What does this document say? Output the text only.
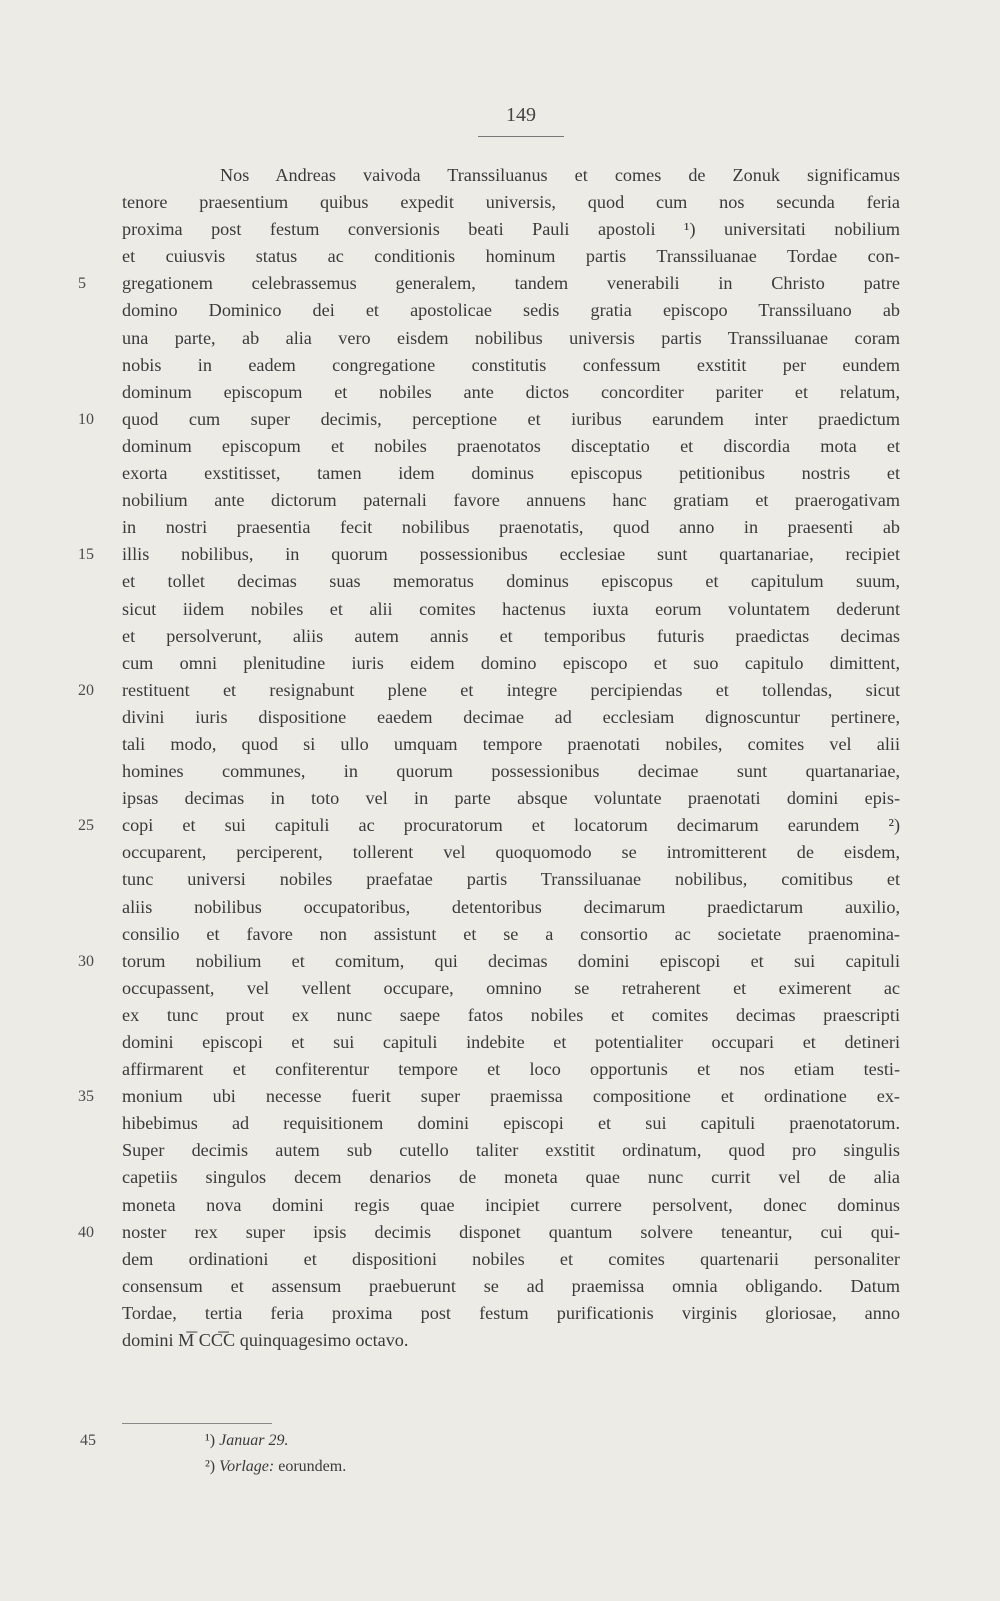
149
Nos Andreas vaivoda Transsiluanus et comes de Zonuk significamus
tenore praesentium quibus expedit universis, quod cum nos secunda feria
proxima post festum conversionis beati Pauli apostoli ¹) universitati nobilium
et cuiusvis status ac conditionis hominum partis Transsiluanae Tordae con-
5	gregationem celebrassemus generalem, tandem venerabili in Christo patre
domino Dominico dei et apostolicae sedis gratia episcopo Transsiluano ab
una parte, ab alia vero eisdem nobilibus universis partis Transsiluanae coram
nobis in eadem congregatione constitutis confessum exstitit per eundem
dominum episcopum et nobiles ante dictos concorditer pariter et relatum,
10	quod cum super decimis, perceptione et iuribus earundem inter praedictum
dominum episcopum et nobiles praenotatos disceptatio et discordia mota et
exorta exstitisset, tamen idem dominus episcopus petitionibus nostris et
nobilium ante dictorum paternali favore annuens hanc gratiam et praerogativam
in nostri praesentia fecit nobilibus praenotatis, quod anno in praesenti ab
15	illis nobilibus, in quorum possessionibus ecclesiae sunt quartanariae, recipiet
et tollet decimas suas memoratus dominus episcopus et capitulum suum,
sicut iidem nobiles et alii comites hactenus iuxta eorum voluntatem dederunt
et persolverunt, aliis autem annis et temporibus futuris praedictas decimas
cum omni plenitudine iuris eidem domino episcopo et suo capitulo dimittent,
20	restituent et resignabunt plene et integre percipiendas et tollendas, sicut
divini iuris dispositione eaedem decimae ad ecclesiam dignoscuntur pertinere,
tali modo, quod si ullo umquam tempore praenotati nobiles, comites vel alii
homines communes, in quorum possessionibus decimae sunt quartanariae,
ipsas decimas in toto vel in parte absque voluntate praenotati domini epis-
25	copi et sui capituli ac procuratorum et locatorum decimarum earundem ²)
occuparent, perciperent, tollerent vel quoquomodo se intromitterent de eisdem,
tunc universi nobiles praefatae partis Transsiluanae nobilibus, comitibus et
aliis nobilibus occupatoribus, detentoribus decimarum praedictarum auxilio,
consilio et favore non assistunt et se a consortio ac societate praenomina-
30	torum nobilium et comitum, qui decimas domini episcopi et sui capituli
occupassent, vel vellent occupare, omnino se retraherent et eximerent ac
ex tunc prout ex nunc saepe fatos nobiles et comites decimas praescripti
domini episcopi et sui capituli indebite et potentialiter occupari et detineri
affirmarent et confiterentur tempore et loco opportunis et nos etiam testi-
35	monium ubi necesse fuerit super praemissa compositione et ordinatione ex-
hibebimus ad requisitionem domini episcopi et sui capituli praenotatorum.
Super decimis autem sub cutello taliter exstitit ordinatum, quod pro singulis
capetiis singulos decem denarios de moneta quae nunc currit vel de alia
moneta nova domini regis quae incipiet currere persolvent, donec dominus
40	noster rex super ipsis decimis disponet quantum solvere teneantur, cui qui-
dem ordinationi et dispositioni nobiles et comites quartenarii personaliter
consensum et assensum praebuerunt se ad praemissa omnia obligando. Datum
Tordae, tertia feria proxima post festum purificationis virginis gloriosae, anno
domini M͞ CC͞C quinquagesimo octavo.
45	¹) Januar 29.
²) Vorlage: eorundem.
